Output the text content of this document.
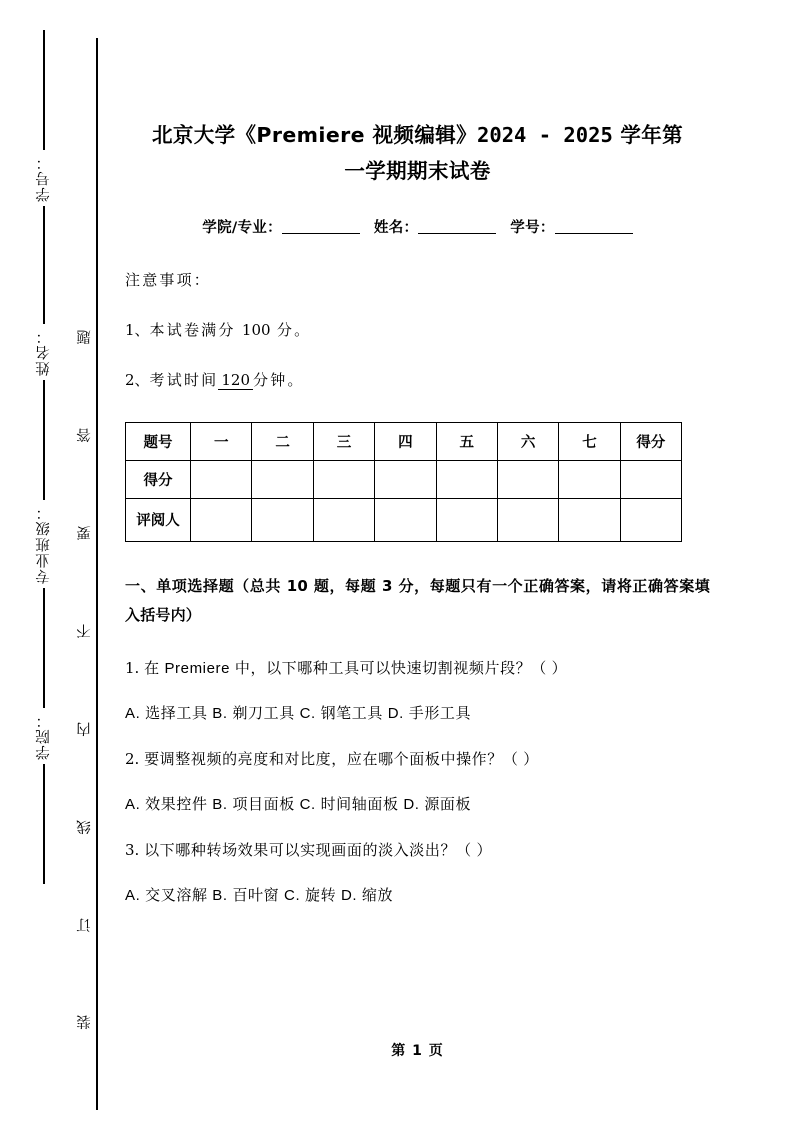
学号：
姓名：
专业班级：
学院：
题
答
要
不
内
线
订
装
北京大学《Premiere 视频编辑》2024 - 2025 学年第
一学期期末试卷

学院/专业：	姓名：	学号：

注意事项：

1、本试卷满分 100 分。

2、考试时间 120 分钟。

题号	一	二	三	四	五	六	七	得分
得分								
评阅人								

一、单项选择题（总共 10 题，每题 3 分，每题只有一个正确答案，请将正确答案填入括号内）

1. 在 Premiere 中，以下哪种工具可以快速切割视频片段？（ ）

A. 选择工具 B. 剃刀工具 C. 钢笔工具 D. 手形工具

2. 要调整视频的亮度和对比度，应在哪个面板中操作？（ ）

A. 效果控件 B. 项目面板 C. 时间轴面板 D. 源面板

3. 以下哪种转场效果可以实现画面的淡入淡出？（ ）

A. 交叉溶解 B. 百叶窗 C. 旋转 D. 缩放

第 1 页
